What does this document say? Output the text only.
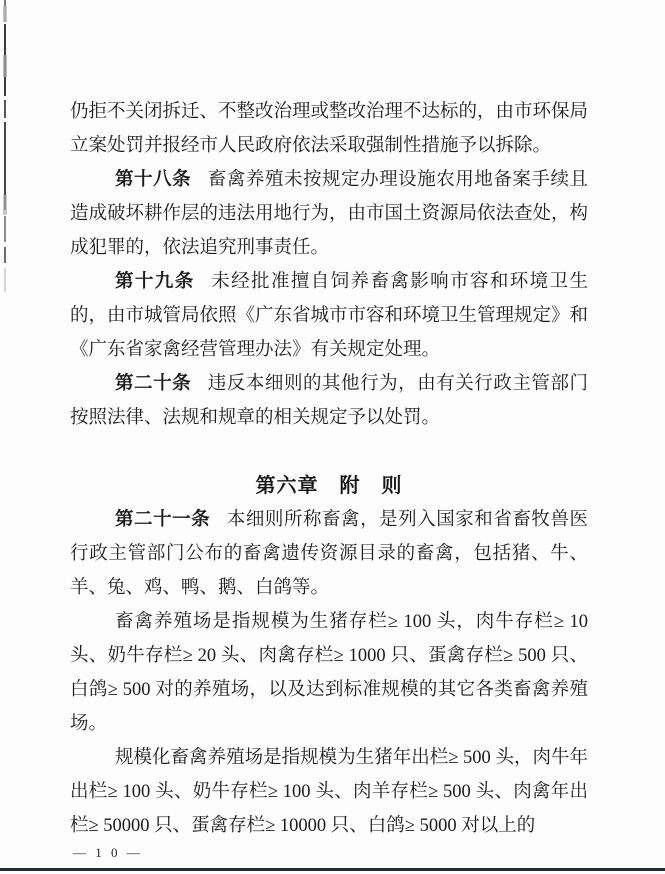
仍拒不关闭拆迁、不整改治理或整改治理不达标的，由市环保局立案处罚并报经市人民政府依法采取强制性措施予以拆除。

第十八条 畜禽养殖未按规定办理设施农用地备案手续且造成破坏耕作层的违法用地行为，由市国土资源局依法查处，构成犯罪的，依法追究刑事责任。

第十九条 未经批准擅自饲养畜禽影响市容和环境卫生的，由市城管局依照《广东省城市市容和环境卫生管理规定》和《广东省家禽经营管理办法》有关规定处理。

第二十条 违反本细则的其他行为，由有关行政主管部门按照法律、法规和规章的相关规定予以处罚。

第六章　附　则

第二十一条 本细则所称畜禽，是列入国家和省畜牧兽医行政主管部门公布的畜禽遗传资源目录的畜禽，包括猪、牛、羊、兔、鸡、鸭、鹅、白鸽等。

畜禽养殖场是指规模为生猪存栏≥ 100 头，肉牛存栏≥ 10 头、奶牛存栏≥ 20 头、肉禽存栏≥ 1000 只、蛋禽存栏≥ 500 只、白鸽≥ 500 对的养殖场，以及达到标准规模的其它各类畜禽养殖场。

规模化畜禽养殖场是指规模为生猪年出栏≥ 500 头，肉牛年出栏≥ 100 头、奶牛存栏≥ 100 头、肉羊存栏≥ 500 头、肉禽年出栏≥ 50000 只、蛋禽存栏≥ 10000 只、白鸽≥ 5000 对以上的

— 1 0 —
